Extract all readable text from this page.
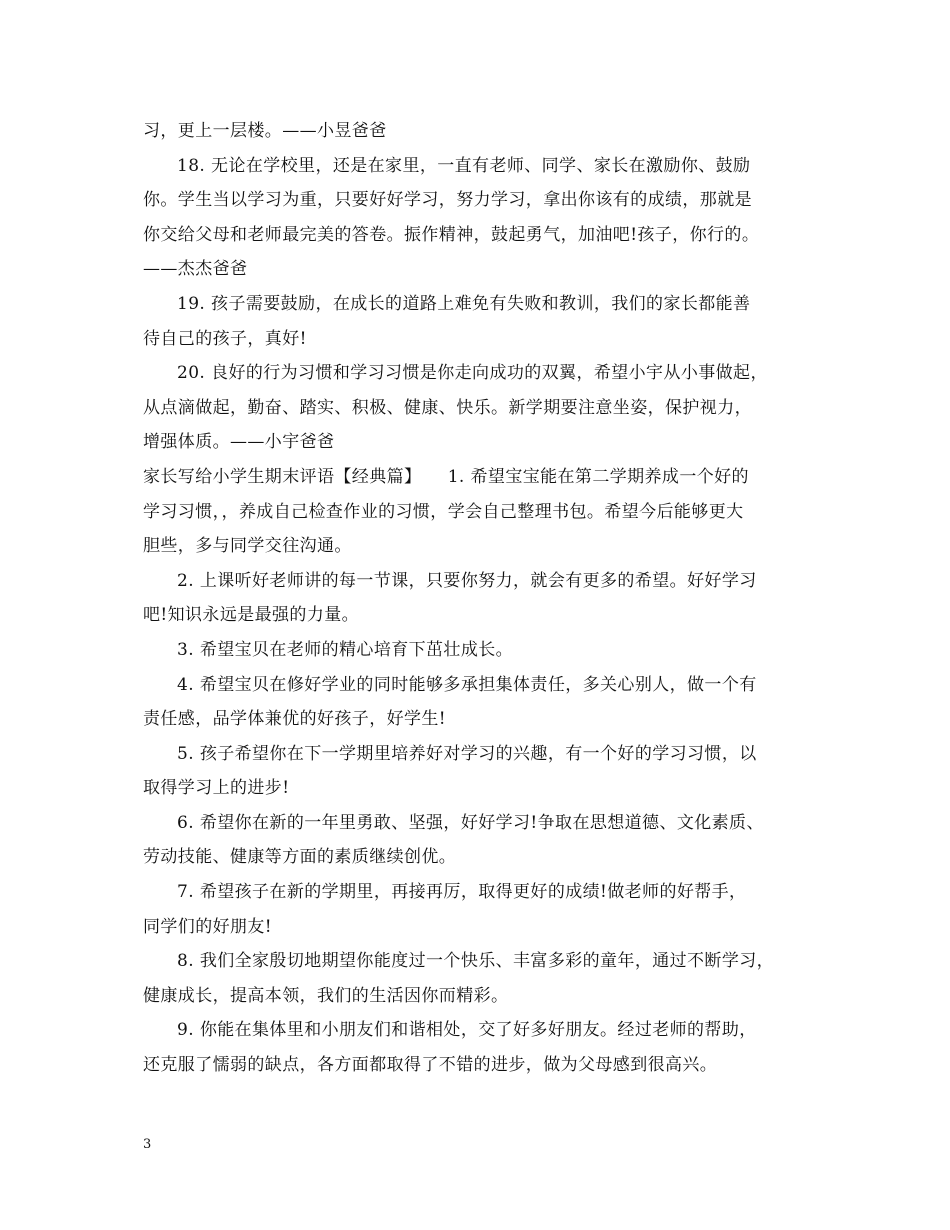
习，更上一层楼。——小昱爸爸
18. 无论在学校里，还是在家里，一直有老师、同学、家长在激励你、鼓励
你。学生当以学习为重，只要好好学习，努力学习，拿出你该有的成绩，那就是
你交给父母和老师最完美的答卷。振作精神，鼓起勇气，加油吧!孩子，你行的。
——杰杰爸爸
19. 孩子需要鼓励，在成长的道路上难免有失败和教训，我们的家长都能善
待自己的孩子，真好!
20. 良好的行为习惯和学习习惯是你走向成功的双翼，希望小宇从小事做起，
从点滴做起，勤奋、踏实、积极、健康、快乐。新学期要注意坐姿，保护视力，
增强体质。——小宇爸爸
家长写给小学生期末评语【经典篇】　　1. 希望宝宝能在第二学期养成一个好的
学习习惯，，养成自己检查作业的习惯，学会自己整理书包。希望今后能够更大
胆些，多与同学交往沟通。
2. 上课听好老师讲的每一节课，只要你努力，就会有更多的希望。好好学习
吧!知识永远是最强的力量。
3. 希望宝贝在老师的精心培育下茁壮成长。
4. 希望宝贝在修好学业的同时能够多承担集体责任，多关心别人，做一个有
责任感，品学体兼优的好孩子，好学生!
5. 孩子希望你在下一学期里培养好对学习的兴趣，有一个好的学习习惯，以
取得学习上的进步!
6. 希望你在新的一年里勇敢、坚强，好好学习!争取在思想道德、文化素质、
劳动技能、健康等方面的素质继续创优。
7. 希望孩子在新的学期里，再接再厉，取得更好的成绩!做老师的好帮手，
同学们的好朋友!
8. 我们全家殷切地期望你能度过一个快乐、丰富多彩的童年，通过不断学习，
健康成长，提高本领，我们的生活因你而精彩。
9. 你能在集体里和小朋友们和谐相处，交了好多好朋友。经过老师的帮助，
还克服了懦弱的缺点，各方面都取得了不错的进步，做为父母感到很高兴。
3
